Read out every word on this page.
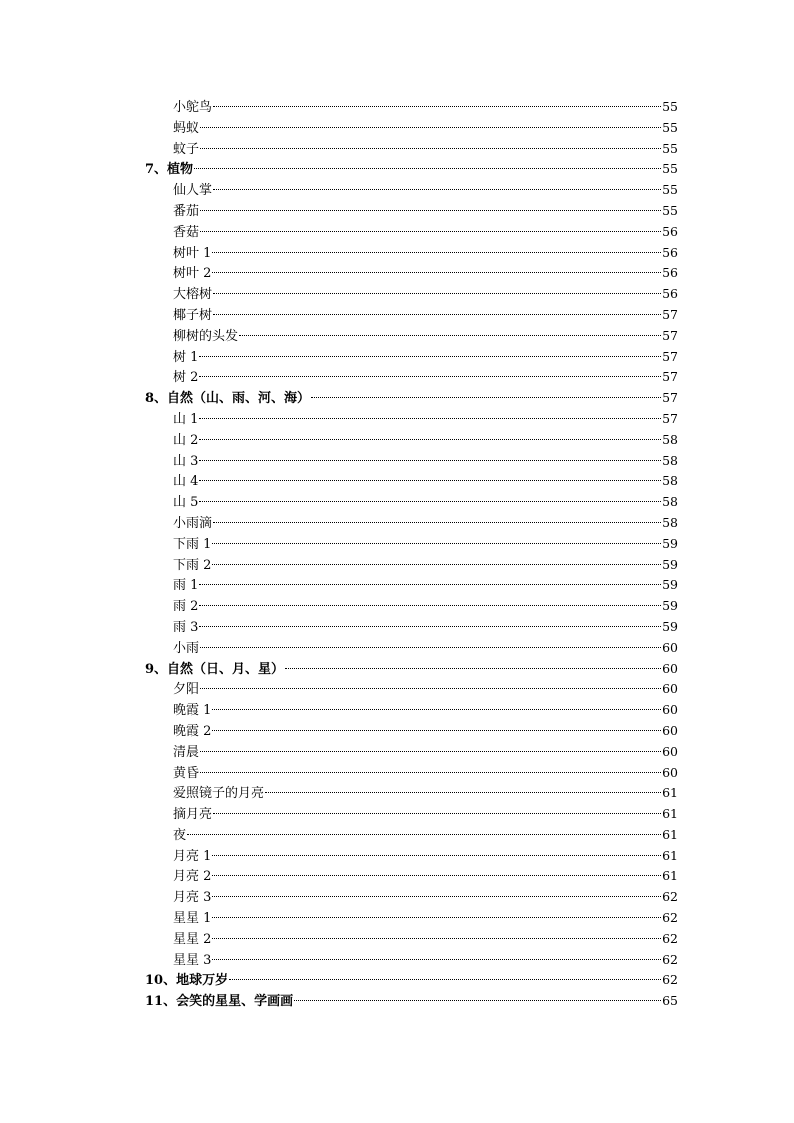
小鸵鸟	55
蚂蚁	55
蚊子	55
7、植物	55
仙人掌	55
番茄	55
香菇	56
树叶 1	56
树叶 2	56
大榕树	56
椰子树	57
柳树的头发	57
树 1	57
树 2	57
8、自然（山、雨、河、海）	57
山 1	57
山 2	58
山 3	58
山 4	58
山 5	58
小雨滴	58
下雨 1	59
下雨 2	59
雨 1	59
雨 2	59
雨 3	59
小雨	60
9、自然（日、月、星）	60
夕阳	60
晚霞 1	60
晚霞 2	60
清晨	60
黄昏	60
爱照镜子的月亮	61
摘月亮	61
夜	61
月亮 1	61
月亮 2	61
月亮 3	62
星星 1	62
星星 2	62
星星 3	62
10、地球万岁	62
11、会笑的星星、学画画	65
